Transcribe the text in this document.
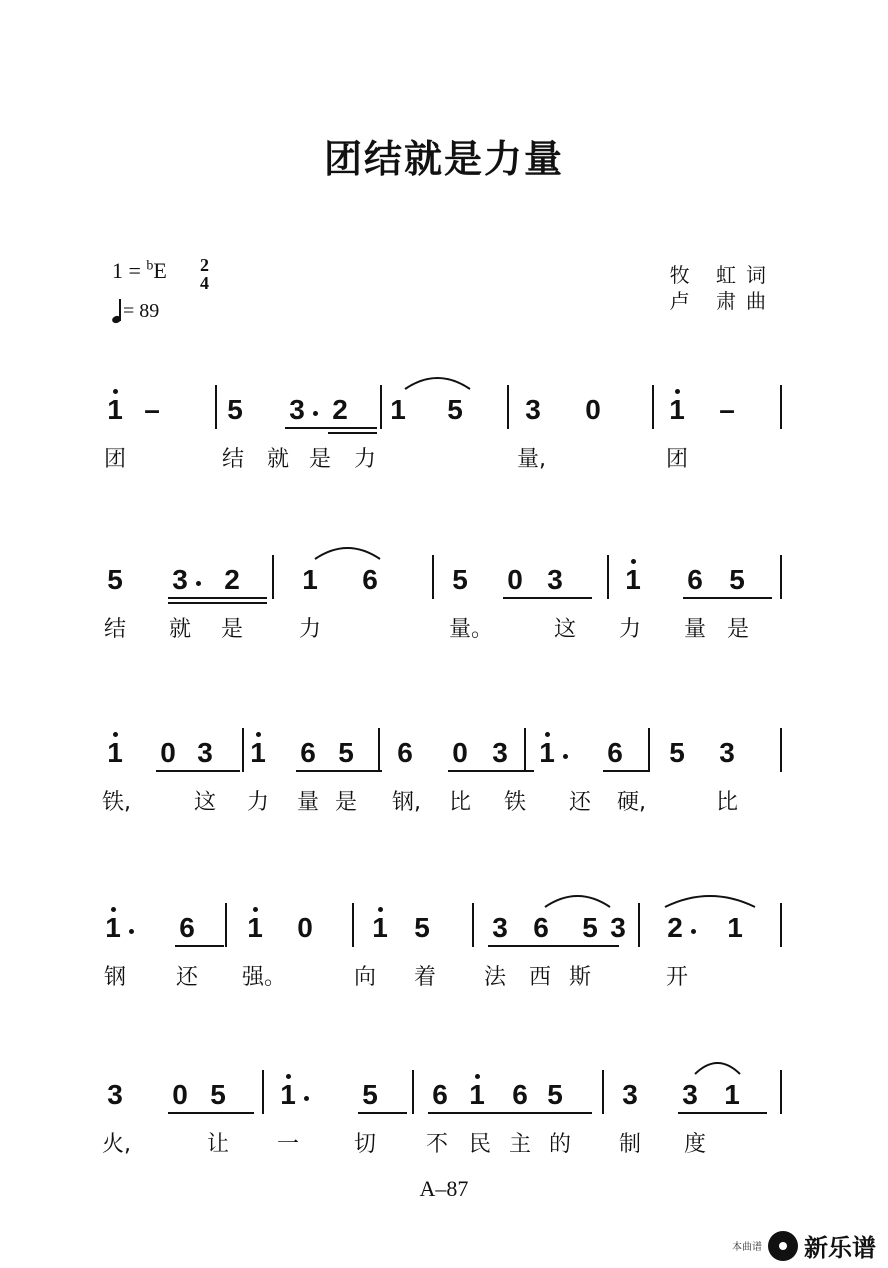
团结就是力量
1 = $^b$E 2
4
= 89
牧 虹词
卢 肃曲
1 – 5 3 2 1 5 3 0 1 –
团	结 就 是 力	量,	团
5 3 2 1 6	5 0 3 1 6 5
结 就 是	力	量。	这 力 量 是
1 0 3 1 6 5 6 0 3 1 6 5 3
铁,	这 力 量 是 钢, 比 铁 还 硬,	比
1 6 1 0 1 5 3 6 5 3 2 1
钢 还 强。	向 着 法 西 斯	开
3 0 5 1 5 6 1 6 5 3 3 1
火,	让 一 切 不 民 主 的 制 度
A–87
本曲谱 新乐谱
